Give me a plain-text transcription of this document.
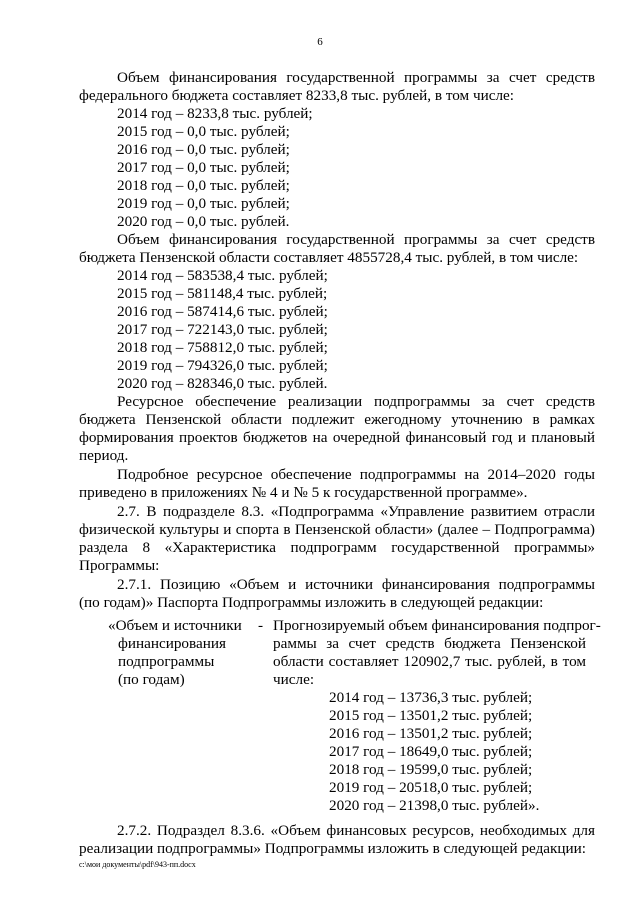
6
Объем финансирования государственной программы за счет средств
федерального бюджета составляет 8233,8 тыс. рублей, в том числе:
2014 год – 8233,8 тыс. рублей;
2015 год – 0,0 тыс. рублей;
2016 год – 0,0 тыс. рублей;
2017 год – 0,0 тыс. рублей;
2018 год – 0,0 тыс. рублей;
2019 год – 0,0 тыс. рублей;
2020 год – 0,0 тыс. рублей.
Объем финансирования государственной программы за счет средств
бюджета Пензенской области составляет 4855728,4 тыс. рублей, в том числе:
2014 год – 583538,4 тыс. рублей;
2015 год – 581148,4 тыс. рублей;
2016 год – 587414,6 тыс. рублей;
2017 год – 722143,0 тыс. рублей;
2018 год – 758812,0 тыс. рублей;
2019 год – 794326,0 тыс. рублей;
2020 год – 828346,0 тыс. рублей.
Ресурсное обеспечение реализации подпрограммы за счет средств
бюджета Пензенской области подлежит ежегодному уточнению в рамках
формирования проектов бюджетов на очередной финансовый год и плановый
период.
Подробное ресурсное обеспечение подпрограммы на 2014–2020 годы
приведено в приложениях № 4 и № 5 к государственной программе».
2.7. В подразделе 8.3. «Подпрограмма «Управление развитием отрасли
физической культуры и спорта в Пензенской области» (далее – Подпрограмма)
раздела 8 «Характеристика подпрограмм государственной программы»
Программы:
2.7.1. Позицию «Объем и источники финансирования подпрограммы
(по годам)» Паспорта Подпрограммы изложить в следующей редакции:
«Объем и источники
финансирования
подпрограммы
(по годам)
- Прогнозируемый объем финансирования подпрог-
раммы за счет средств бюджета Пензенской
области составляет 120902,7 тыс. рублей, в том
числе:
2014 год – 13736,3 тыс. рублей;
2015 год – 13501,2 тыс. рублей;
2016 год – 13501,2 тыс. рублей;
2017 год – 18649,0 тыс. рублей;
2018 год – 19599,0 тыс. рублей;
2019 год – 20518,0 тыс. рублей;
2020 год – 21398,0 тыс. рублей».
2.7.2. Подраздел 8.3.6. «Объем финансовых ресурсов, необходимых для
реализации подпрограммы» Подпрограммы изложить в следующей редакции:
c:\мои документы\pdf\943-пп.docx
